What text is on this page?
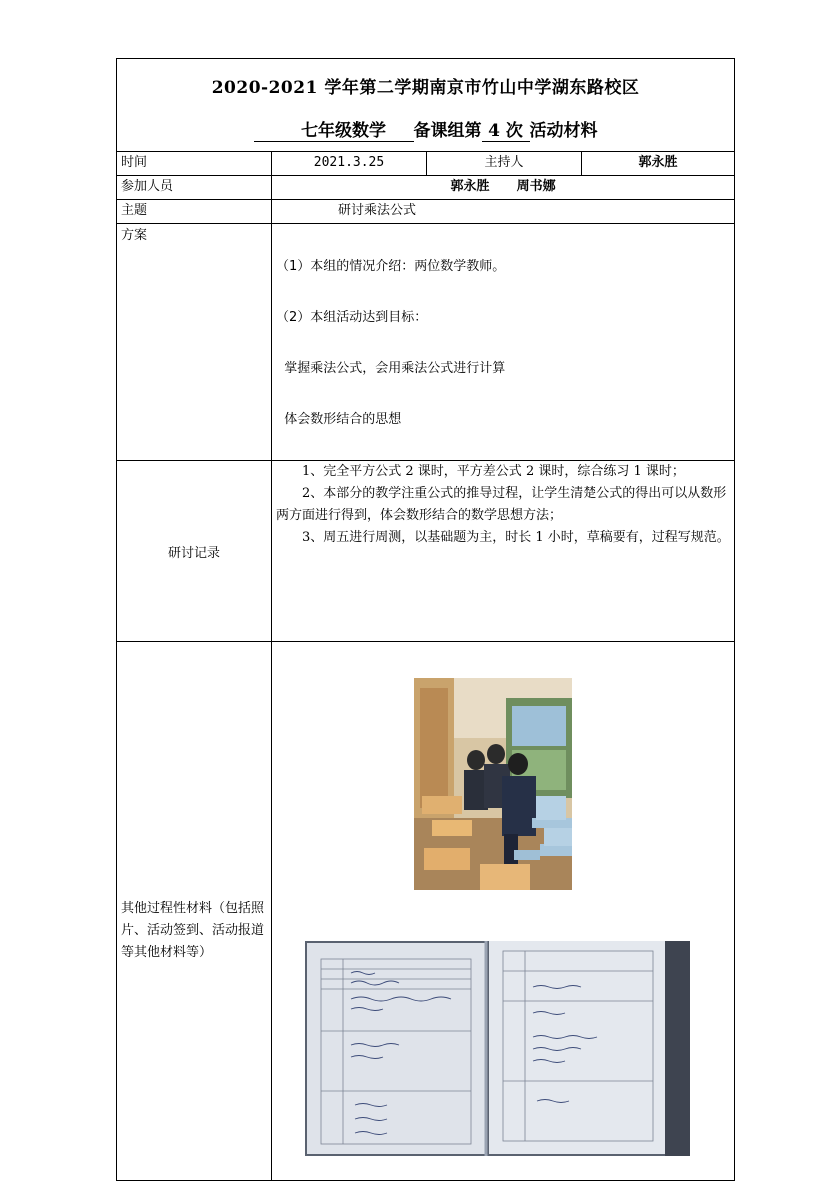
2020-2021 学年第二学期南京市竹山中学湖东路校区
七年级数学 备课组第 4 次 活动材料			

时间	2021.3.25	主持人	郭永胜
参加人员	郭永胜      周书娜		
主题	研讨乘法公式		
方案	（1）本组的情况介绍：两位数学教师。

（2）本组活动达到目标：

掌握乘法公式，会用乘法公式进行计算

体会数形结合的思想		

研讨记录	1、完全平方公式 2 课时，平方差公式 2 课时，综合练习 1 课时；

2、本部分的教学注重公式的推导过程，让学生清楚公式的得出可以从数形两方面进行得到，体会数形结合的数学思想方法；

3、周五进行周测，以基础题为主，时长 1 小时，草稿要有，过程写规范。		

其他过程性材料（包括照片、活动签到、活动报道等其他材料等）	
